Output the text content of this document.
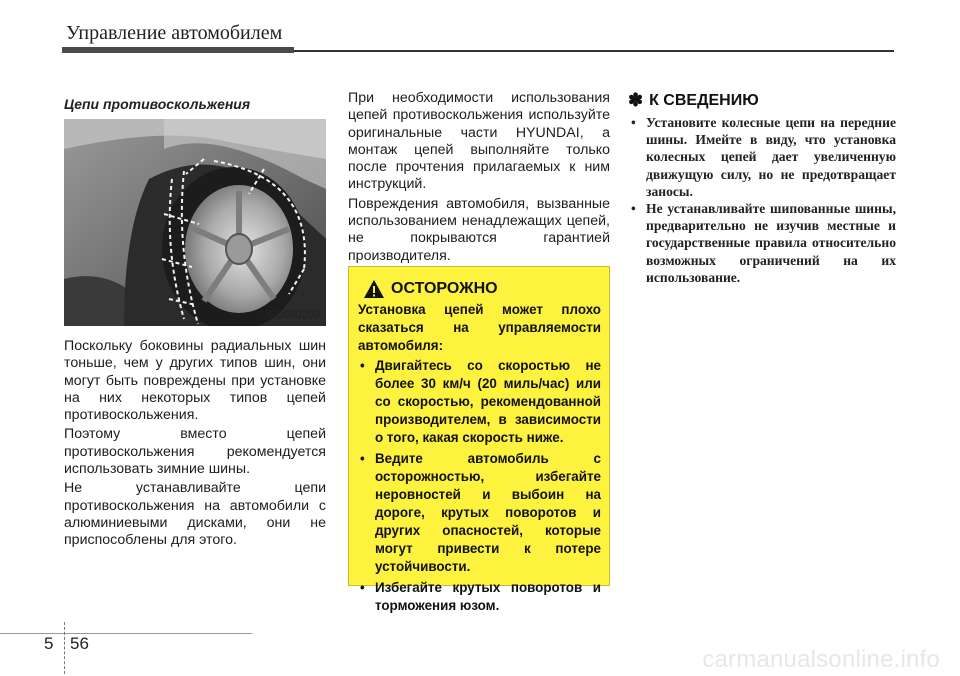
Управление автомобилем
Цепи противоскольжения
OED050200

Поскольку боковины радиальных шин тоньше, чем у других типов шин, они могут быть повреждены при установке на них некоторых типов цепей противоскольжения.

Поэтому вместо цепей противоскольжения рекомендуется использовать зимние шины.

Не устанавливайте цепи противоскольжения на автомобили с алюминиевыми дисками, они не приспособлены для этого.

При необходимости использования цепей противоскольжения используйте оригинальные части HYUNDAI, а монтаж цепей выполняйте только после прочтения прилагаемых к ним инструкций.

Повреждения автомобиля, вызванные использованием ненадлежащих цепей, не покрываются гарантией производителя.

ОСТОРОЖНО
Установка цепей может плохо сказаться на управляемости автомобиля:
• Двигайтесь со скоростью не более 30 км/ч (20 миль/час) или со скоростью, рекомендованной производителем, в зависимости о того, какая скорость ниже.
• Ведите автомобиль с осторожностью, избегайте неровностей и выбоин на дороге, крутых поворотов и других опасностей, которые могут привести к потере устойчивости.
• Избегайте крутых поворотов и торможения юзом.
✽ К СВЕДЕНИЮ
• Установите колесные цепи на передние шины. Имейте в виду, что установка колесных цепей дает увеличенную движущую силу, но не предотвращает заносы.
• Не устанавливайте шипованные шины, предварительно не изучив местные и государственные правила относительно возможных ограничений на их использование.
5 56
carmanualsonline.info
